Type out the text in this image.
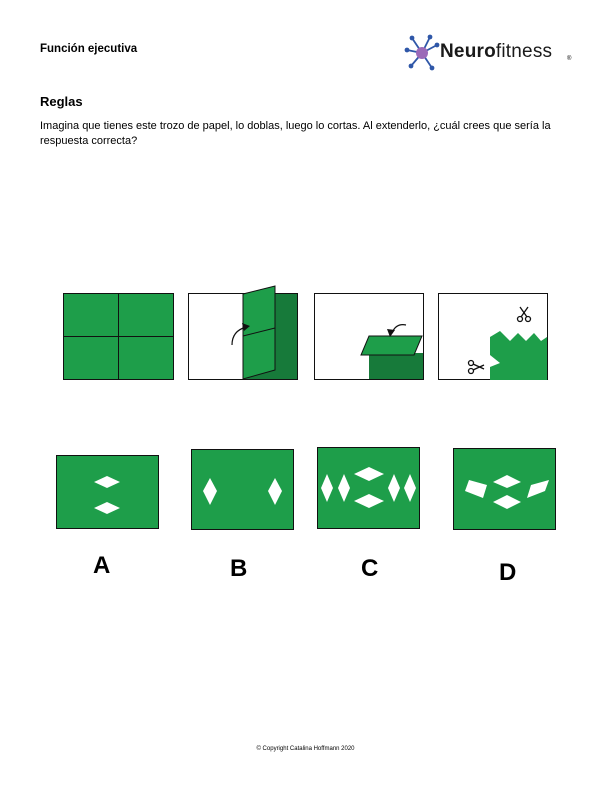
Función ejecutiva	Neurofitness ®
Reglas
Imagina que tienes este trozo de papel, lo doblas, luego lo cortas. Al extenderlo, ¿cuál crees que sería la respuesta correcta?
A	B	C	D
© Copyright Catalina Hoffmann 2020
